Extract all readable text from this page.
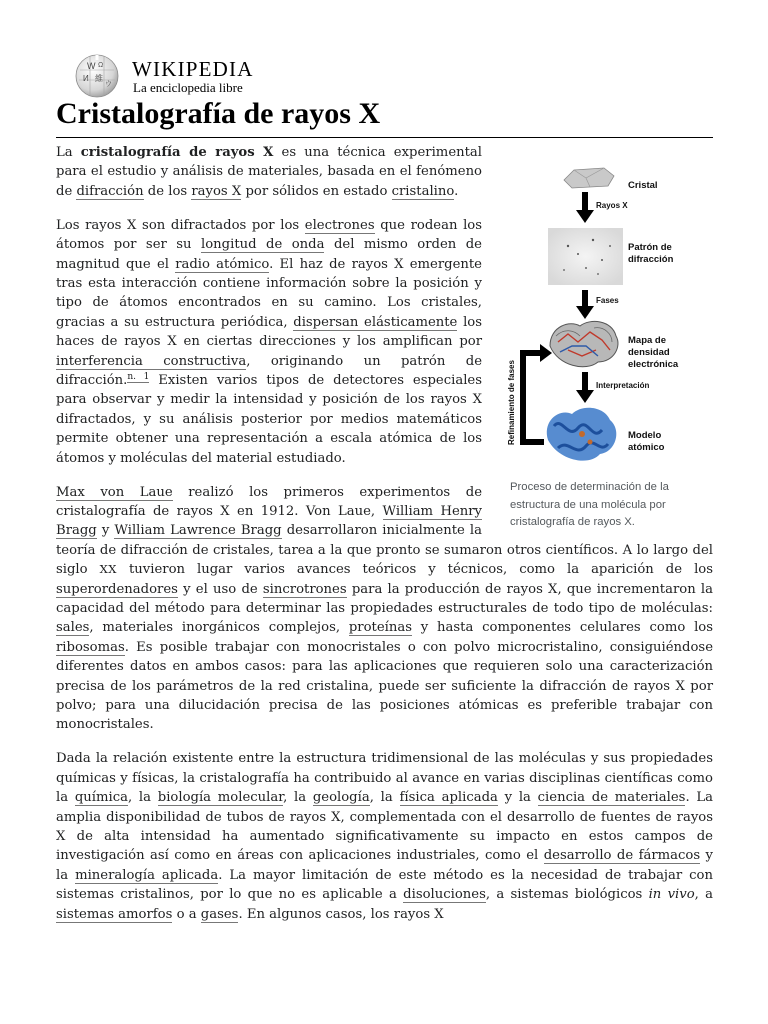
W Ω
И 維
ウ
WIKIPEDIA
La enciclopedia libre
Cristalografía de rayos X
Cristal
Rayos X
Patrón de
difracción
Fases
Mapa de
densidad
electrónica
Interpretación
Modelo
atómico
Refinamiento de fases
Proceso de determinación de la estructura de una molécula por cristalografía de rayos X.

La cristalografía de rayos X es una técnica experimental para el estudio y análisis de materiales, basada en el fenómeno de difracción de los rayos X por sólidos en estado cristalino.

Los rayos X son difractados por los electrones que rodean los átomos por ser su longitud de onda del mismo orden de magnitud que el radio atómico. El haz de rayos X emergente tras esta interacción contiene información sobre la posición y tipo de átomos encontrados en su camino. Los cristales, gracias a su estructura periódica, dispersan elásticamente los haces de rayos X en ciertas direcciones y los amplifican por interferencia constructiva, originando un patrón de difracción.$^{n. 1}$ Existen varios tipos de detectores especiales para observar y medir la intensidad y posición de los rayos X difractados, y su análisis posterior por medios matemáticos permite obtener una representación a escala atómica de los átomos y moléculas del material estudiado.

Max von Laue realizó los primeros experimentos de cristalografía de rayos X en 1912. Von Laue, William Henry Bragg y William Lawrence Bragg desarrollaron inicialmente la teoría de difracción de cristales, tarea a la que pronto se sumaron otros científicos. A lo largo del siglo XX tuvieron lugar varios avances teóricos y técnicos, como la aparición de los superordenadores y el uso de sincrotrones para la producción de rayos X, que incrementaron la capacidad del método para determinar las propiedades estructurales de todo tipo de moléculas: sales, materiales inorgánicos complejos, proteínas y hasta componentes celulares como los ribosomas. Es posible trabajar con monocristales o con polvo microcristalino, consiguiéndose diferentes datos en ambos casos: para las aplicaciones que requieren solo una caracterización precisa de los parámetros de la red cristalina, puede ser suficiente la difracción de rayos X por polvo; para una dilucidación precisa de las posiciones atómicas es preferible trabajar con monocristales.

Dada la relación existente entre la estructura tridimensional de las moléculas y sus propiedades químicas y físicas, la cristalografía ha contribuido al avance en varias disciplinas científicas como la química, la biología molecular, la geología, la física aplicada y la ciencia de materiales. La amplia disponibilidad de tubos de rayos X, complementada con el desarrollo de fuentes de rayos X de alta intensidad ha aumentado significativamente su impacto en estos campos de investigación así como en áreas con aplicaciones industriales, como el desarrollo de fármacos y la mineralogía aplicada. La mayor limitación de este método es la necesidad de trabajar con sistemas cristalinos, por lo que no es aplicable a disoluciones, a sistemas biológicos in vivo, a sistemas amorfos o a gases. En algunos casos, los rayos X
